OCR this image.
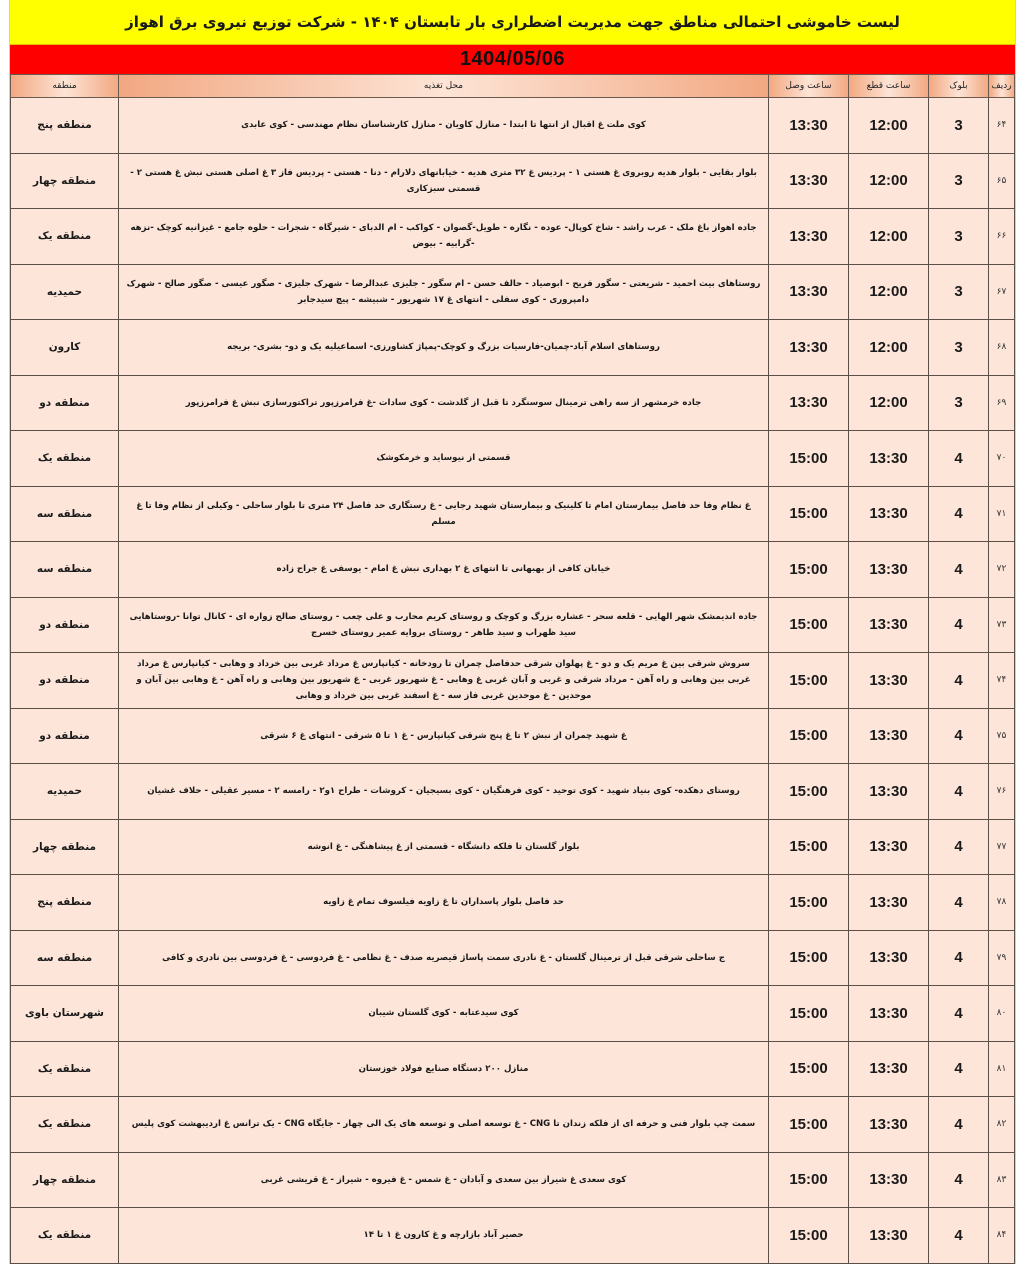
لیست خاموشی احتمالی مناطق جهت مدیریت اضطراری بار تابستان ۱۴۰۴ - شرکت توزیع نیروی برق اهواز
1404/05/06
ردیف	بلوک	ساعت قطع	ساعت وصل	محل تغذیه	منطقه
۶۴	3	12:00	13:30	کوی ملت غ اقبال از انتها تا ابتدا - منازل کاویان - منازل کارشناسان نظام مهندسی - کوی عابدی	منطقه پنج
۶۵	3	12:00	13:30	بلوار بقایی - بلوار هدیه روبروی غ هستی ۱ - پردیس غ ۳۲ متری هدیه - خیابانهای دلارام - دنا - هستی - پردیس فاز ۳ غ اصلی هستی نبش غ هستی ۲ - قسمتی سبزکاری	منطقه چهار
۶۶	3	12:00	13:30	جاده اهواز باغ ملک - عرب راشد - شاخ کوپال- عوده - نگاره - طویل-گصوان - کواکب - ام الدبای - شیرگاه - شجرات - حلوه جامع - غیزانیه کوچک -نزهه -گرابیه - بیوض	منطقه یک
۶۷	3	12:00	13:30	روستاهای بیت احمید - شریعتی - سگور فریح - ابوصیاد - حالف حسن - ام سگور - جلیزی عبدالرضا - شهرک جلیزی - صگور عیسی - صگور صالح - شهرک دامپروری - کوی سفلی - انتهای غ ۱۷ شهریور - شبیشه - پیچ سیدجابر	حمیدیه
۶۸	3	12:00	13:30	روستاهای اسلام آباد-چمیان-فارسیات بزرگ و کوچک-پمپاژ کشاورزی- اسماعیلیه یک و دو- بشری- بریجه	کارون
۶۹	3	12:00	13:30	جاده خرمشهر از سه راهی ترمینال سوسنگرد تا قبل از گلدشت - کوی سادات -غ فرامرزپور تراکتورسازی نبش غ فرامرزپور	منطقه دو
۷۰	4	13:30	15:00	قسمتی از نیوساید و خرمکوشک	منطقه یک
۷۱	4	13:30	15:00	غ نظام وفا حد فاصل بیمارستان امام تا کلینیک و بیمارستان شهید رجایی - غ رستگاری حد فاصل ۲۴ متری تا بلوار ساحلی - وکیلی از نظام وفا تا غ مسلم	منطقه سه
۷۲	4	13:30	15:00	خیابان کافی از بهبهانی تا انتهای غ ۲ بهداری نبش غ امام - یوسفی غ جراح زاده	منطقه سه
۷۳	4	13:30	15:00	جاده اندیمشک شهر الهایی - قلعه سحر - عشاره بزرگ و کوچک و روستای کریم محارب و علی چعب - روستای صالح زواره ای - کانال توانا -روستاهایی سید ظهراب و سید طاهر - روستای بروایه عمیر روستای خسرج	منطقه دو
۷۴	4	13:30	15:00	سروش شرقی بین غ مریم یک و دو - غ پهلوان شرقی حدفاصل چمران تا رودخانه - کیانپارس غ مرداد غربی بین خرداد و وهابی - کیانپارس غ مرداد غربی بین وهابی و راه آهن - مرداد شرقی و غربی و آبان غربی غ وهابی - غ شهریور غربی - غ شهریور بین وهابی و راه آهن - غ وهابی بین آبان و موحدین - غ موحدین غربی فاز سه - غ اسفند غربی بین خرداد و وهابی	منطقه دو
۷۵	4	13:30	15:00	غ شهید چمران از نبش ۲ تا غ پنج شرقی کیانپارس - غ ۱ تا ۵ شرقی - انتهای غ ۶ شرقی	منطقه دو
۷۶	4	13:30	15:00	روستای دهکده- کوی بنیاد شهید - کوی توحید - کوی فرهنگیان - کوی بسیجیان - کروشات - طراح ۱و۲ - رامسه ۲ - مسیر عقیلی - حلاف غشیان	حمیدیه
۷۷	4	13:30	15:00	بلوار گلستان تا فلکه دانشگاه - قسمتی از غ پیشاهنگی - غ انوشه	منطقه چهار
۷۸	4	13:30	15:00	حد فاصل بلوار پاسداران تا غ زاویه فیلسوف تمام غ زاویه	منطقه پنج
۷۹	4	13:30	15:00	ج ساحلی شرقی قبل از ترمینال گلستان - غ نادری سمت پاساژ قیصریه صدف - غ نظامی - غ فردوسی - غ فردوسی بین نادری و کافی	منطقه سه
۸۰	4	13:30	15:00	کوی سیدعتابه - کوی گلستان شیبان	شهرستان باوی
۸۱	4	13:30	15:00	منازل ۲۰۰ دستگاه صنایع فولاد خوزستان	منطقه یک
۸۲	4	13:30	15:00	سمت چپ بلوار فنی و حرفه ای از فلکه زندان تا CNG - غ توسعه اصلی و توسعه های یک الی چهار - جایگاه CNG - یک ترانس غ اردیبهشت کوی پلیس	منطقه یک
۸۳	4	13:30	15:00	کوی سعدی غ شیراز بین سعدی و آبادان - غ شمس - غ فیروه - شیراز - غ قریشی غربی	منطقه چهار
۸۴	4	13:30	15:00	حصیر آباد بازارچه و غ کارون غ ۱ تا ۱۴	منطقه یک
